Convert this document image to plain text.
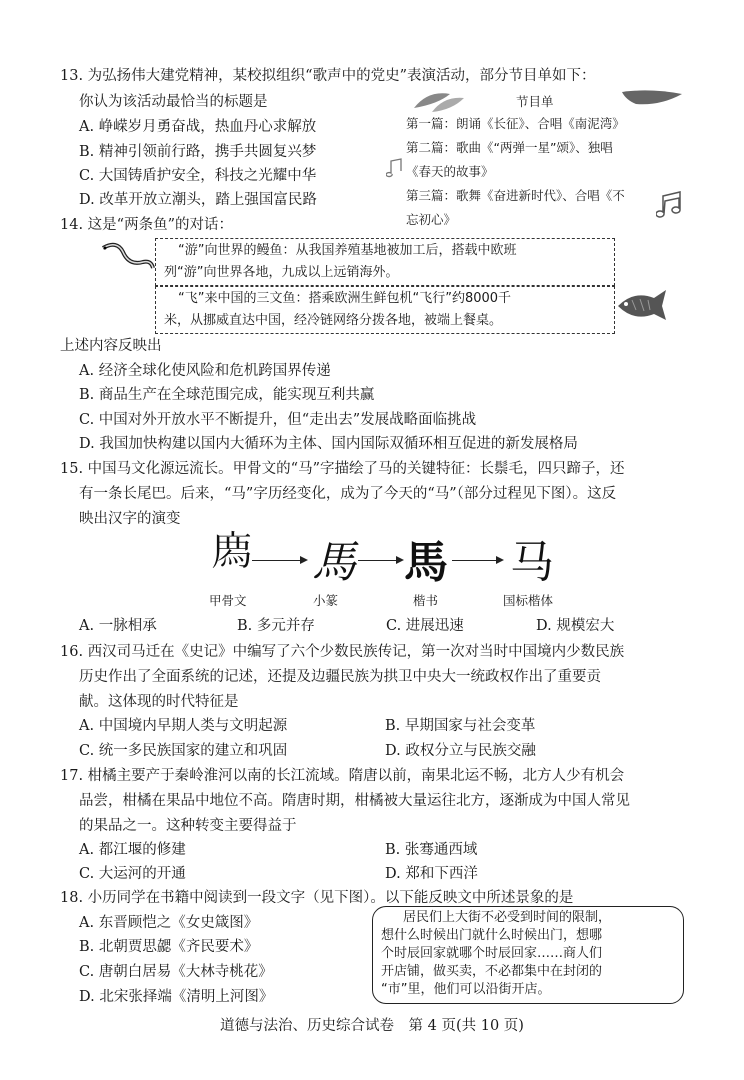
13. 为弘扬伟大建党精神，某校拟组织“歌声中的党史”表演活动，部分节目单如下：
你认为该活动最恰当的标题是
A. 峥嵘岁月勇奋战，热血丹心求解放
B. 精神引领前行路，携手共圆复兴梦
C. 大国铸盾护安全，科技之光耀中华
D. 改革开放立潮头，踏上强国富民路
节目单
第一篇：朗诵《长征》、合唱《南泥湾》
第二篇：歌曲《“两弹一星”颂》、独唱
《春天的故事》
第三篇：歌舞《奋进新时代》、合唱《不
忘初心》
14. 这是“两条鱼”的对话：
“游”向世界的鳗鱼：从我国养殖基地被加工后，搭载中欧班
列“游”向世界各地，九成以上远销海外。
“飞”来中国的三文鱼：搭乘欧洲生鲜包机“飞行”约8000千
米，从挪威直达中国，经冷链网络分拨各地，被端上餐桌。
上述内容反映出
A. 经济全球化使风险和危机跨国界传递
B. 商品生产在全球范围完成，能实现互利共赢
C. 中国对外开放水平不断提升，但“走出去”发展战略面临挑战
D. 我国加快构建以国内大循环为主体、国内国际双循环相互促进的新发展格局
15. 中国马文化源远流长。甲骨文的“马”字描绘了马的关键特征：长鬃毛，四只蹄子，还
有一条长尾巴。后来，“马”字历经变化，成为了今天的“马”（部分过程见下图）。这反
映出汉字的演变
𢊁 馬 馬 马
甲骨文	小篆	楷书	国标楷体
A. 一脉相承	B. 多元并存	C. 进展迅速	D. 规模宏大
16. 西汉司马迁在《史记》中编写了六个少数民族传记，第一次对当时中国境内少数民族
历史作出了全面系统的记述，还提及边疆民族为拱卫中央大一统政权作出了重要贡
献。这体现的时代特征是
A. 中国境内早期人类与文明起源	B. 早期国家与社会变革
C. 统一多民族国家的建立和巩固	D. 政权分立与民族交融
17. 柑橘主要产于秦岭淮河以南的长江流域。隋唐以前，南果北运不畅，北方人少有机会
品尝，柑橘在果品中地位不高。隋唐时期，柑橘被大量运往北方，逐渐成为中国人常见
的果品之一。这种转变主要得益于
A. 都江堰的修建	B. 张骞通西域
C. 大运河的开通	D. 郑和下西洋
18. 小历同学在书籍中阅读到一段文字（见下图）。以下能反映文中所述景象的是
A. 东晋顾恺之《女史箴图》
B. 北朝贾思勰《齐民要术》
C. 唐朝白居易《大林寺桃花》
D. 北宋张择端《清明上河图》
居民们上大街不必受到时间的限制，
想什么时候出门就什么时候出门，想哪
个时辰回家就哪个时辰回家……商人们
开店铺，做买卖，不必都集中在封闭的
“市”里，他们可以沿街开店。
道德与法治、历史综合试卷　第 4 页(共 10 页)
